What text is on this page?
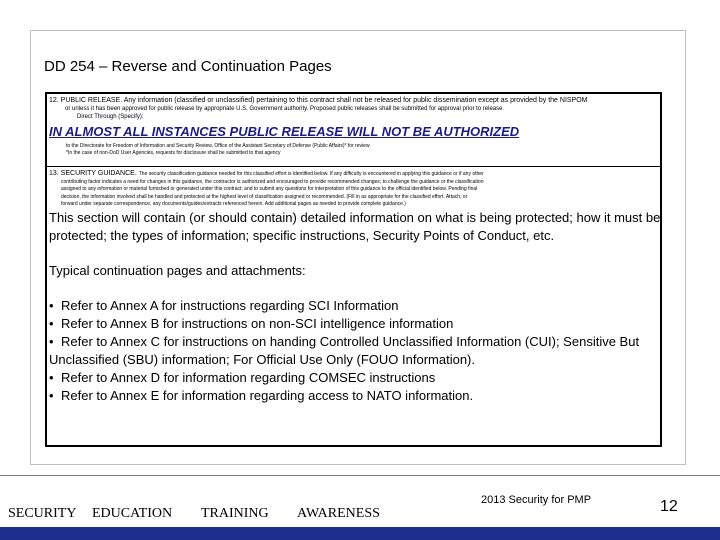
DD 254 – Reverse and Continuation Pages
12. PUBLIC RELEASE. Any information (classified or unclassified) pertaining to this contract shall not be released for public dissemination except as provided by the NISPOM
or unless it has been approved for public release by appropriate U.S. Government authority. Proposed public releases shall be submitted for approval prior to release
Direct Through (Specify):
IN ALMOST ALL INSTANCES PUBLIC RELEASE WILL NOT BE AUTHORIZED
to the Directorate for Freedom of Information and Security Review, Office of the Assistant Secretary of Defense (Public Affairs)* for review
*In the case of non-DoD User Agencies, requests for disclosure shall be submitted to that agency
13. SECURITY GUIDANCE. The security classification guidance needed for this classified effort is identified below. If any difficulty is encountered in applying this guidance or if any other
contributing factor indicates a need for changes in this guidance, the contractor is authorized and encouraged to provide recommended changes; to challenge the guidance or the classification
assigned to any information or material furnished or generated under this contract; and to submit any questions for interpretation of this guidance to the official identified below. Pending final
decision, the information involved shall be handled and protected at the highest level of classification assigned or recommended. (Fill in as appropriate for the classified effort. Attach, or
forward under separate correspondence, any documents/guides/extracts referenced herein. Add additional pages as needed to provide complete guidance.)

This section will contain (or should contain) detailed information on what is being protected; how it must be protected; the types of information; specific instructions, Security Points of Conduct, etc.

Typical continuation pages and attachments:

• Refer to Annex A for instructions regarding SCI Information
• Refer to Annex B for instructions on non-SCI intelligence information
• Refer to Annex C for instructions on handing Controlled Unclassified Information (CUI); Sensitive But Unclassified (SBU) information; For Official Use Only (FOUO Information).
• Refer to Annex D for information regarding COMSEC instructions
• Refer to Annex E for information regarding access to NATO information.
SECURITY EDUCATION TRAINING AWARENESS
2013 Security for PMP	12
